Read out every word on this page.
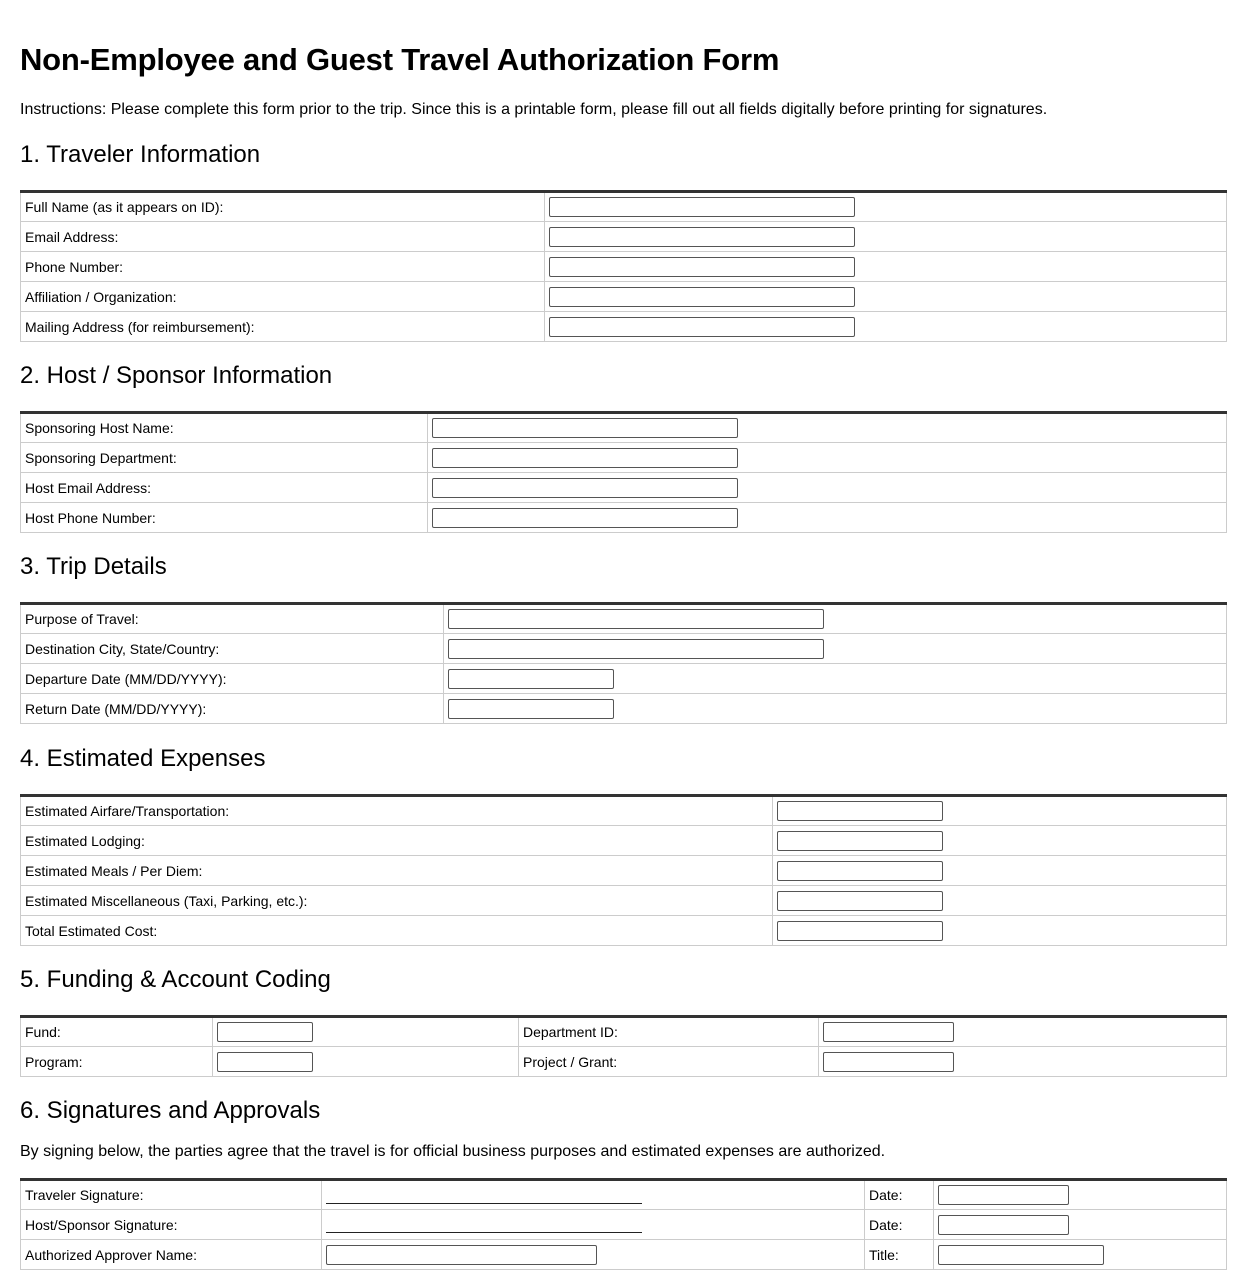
Non-Employee and Guest Travel Authorization Form
Instructions: Please complete this form prior to the trip. Since this is a printable form, please fill out all fields digitally before printing for signatures.
1. Traveler Information
Full Name (as it appears on ID):	

Email Address:	

Phone Number:	

Affiliation / Organization:	

Mailing Address (for reimbursement):	
2. Host / Sponsor Information
Sponsoring Host Name:	

Sponsoring Department:	

Host Email Address:	

Host Phone Number:	
3. Trip Details
Purpose of Travel:	

Destination City, State/Country:	

Departure Date (MM/DD/YYYY):	

Return Date (MM/DD/YYYY):	
4. Estimated Expenses
Estimated Airfare/Transportation:	

Estimated Lodging:	

Estimated Meals / Per Diem:	

Estimated Miscellaneous (Taxi, Parking, etc.):	

Total Estimated Cost:	
5. Funding & Account Coding
Fund:		Department ID:	

Program:		Project / Grant:	
6. Signatures and Approvals
By signing below, the parties agree that the travel is for official business purposes and estimated expenses are authorized.
Traveler Signature:		Date:	

Host/Sponsor Signature:		Date:	

Authorized Approver Name:		Title:	
